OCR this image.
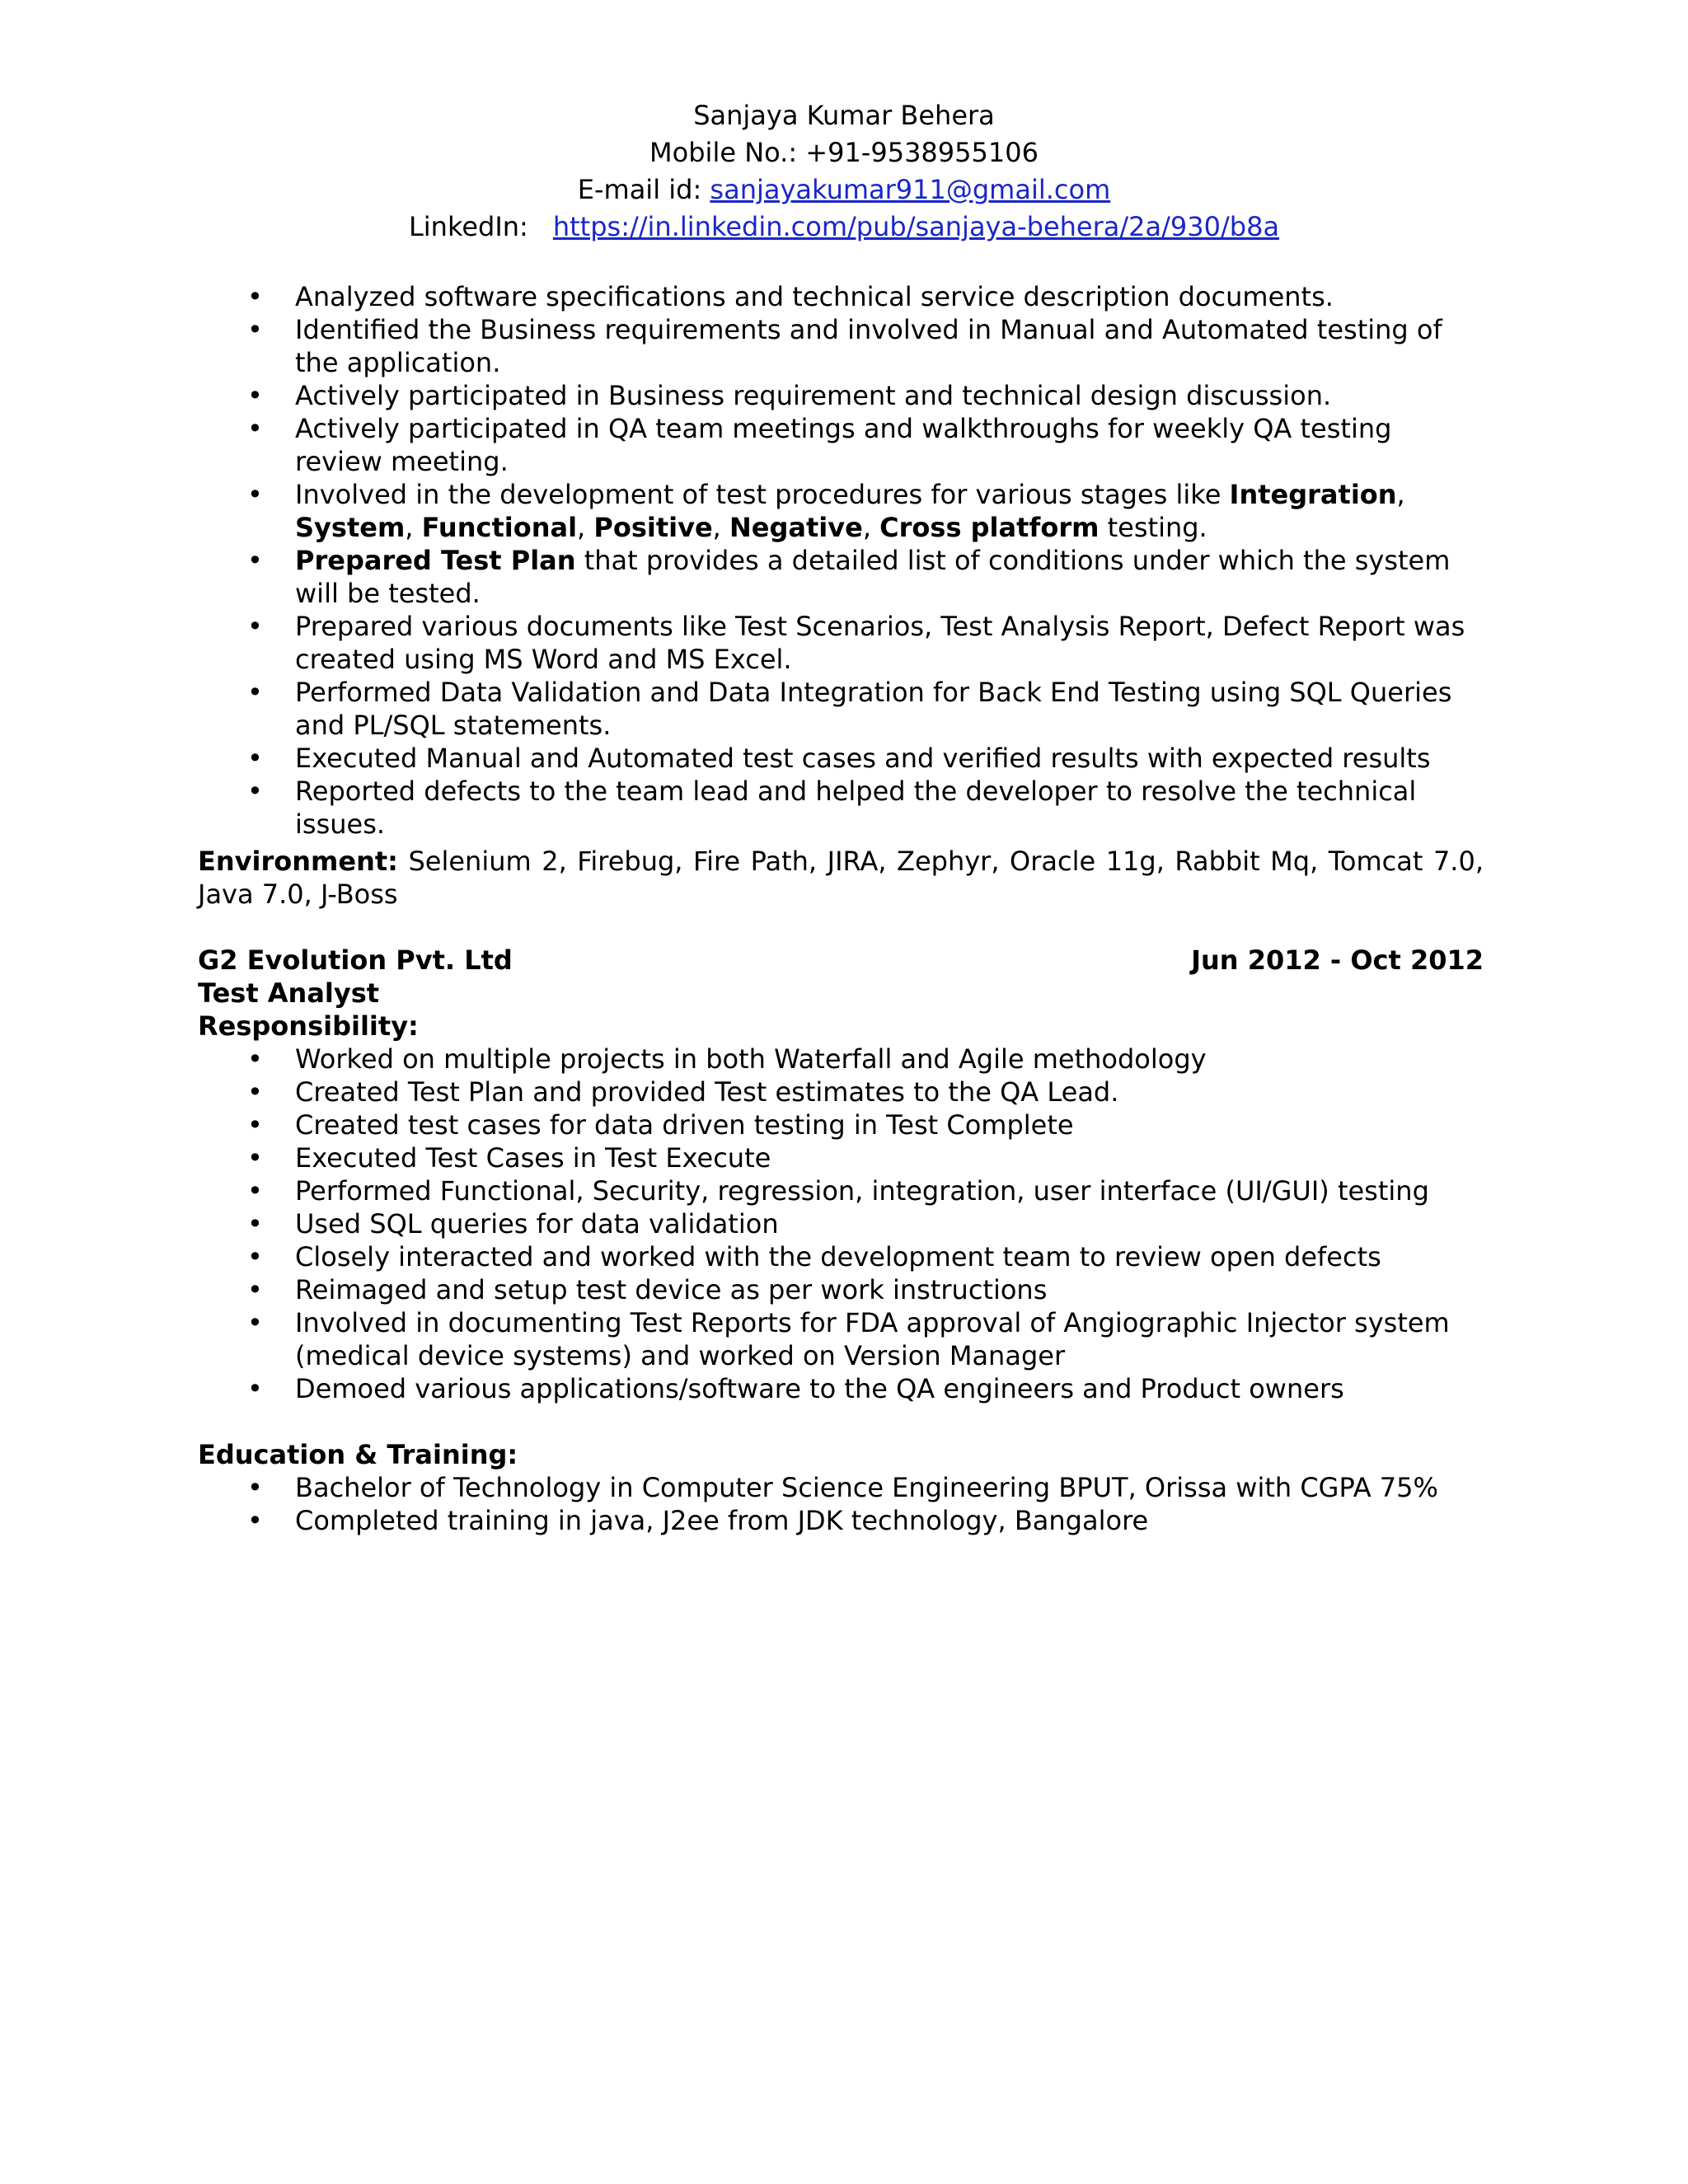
Sanjaya Kumar Behera
Mobile No.: +91-9538955106
E-mail id: sanjayakumar911@gmail.com
LinkedIn: https://in.linkedin.com/pub/sanjaya-behera/2a/930/b8a
• Analyzed software specifications and technical service description documents.
• Identified the Business requirements and involved in Manual and Automated testing of the application.
• Actively participated in Business requirement and technical design discussion.
• Actively participated in QA team meetings and walkthroughs for weekly QA testing review meeting.
• Involved in the development of test procedures for various stages like Integration, System, Functional, Positive, Negative, Cross platform testing.
• Prepared Test Plan that provides a detailed list of conditions under which the system will be tested.
• Prepared various documents like Test Scenarios, Test Analysis Report, Defect Report was created using MS Word and MS Excel.
• Performed Data Validation and Data Integration for Back End Testing using SQL Queries and PL/SQL statements.
• Executed Manual and Automated test cases and verified results with expected results
• Reported defects to the team lead and helped the developer to resolve the technical issues.
Environment: Selenium 2, Firebug, Fire Path, JIRA, Zephyr, Oracle 11g, Rabbit Mq, Tomcat 7.0, Java 7.0, J-Boss
G2 Evolution Pvt. Ltd	Jun 2012 - Oct 2012
Test Analyst
Responsibility:
• Worked on multiple projects in both Waterfall and Agile methodology
• Created Test Plan and provided Test estimates to the QA Lead.
• Created test cases for data driven testing in Test Complete
• Executed Test Cases in Test Execute
• Performed Functional, Security, regression, integration, user interface (UI/GUI) testing
• Used SQL queries for data validation
• Closely interacted and worked with the development team to review open defects
• Reimaged and setup test device as per work instructions
• Involved in documenting Test Reports for FDA approval of Angiographic Injector system (medical device systems) and worked on Version Manager
• Demoed various applications/software to the QA engineers and Product owners
Education & Training:
• Bachelor of Technology in Computer Science Engineering BPUT, Orissa with CGPA 75%
• Completed training in java, J2ee from JDK technology, Bangalore
